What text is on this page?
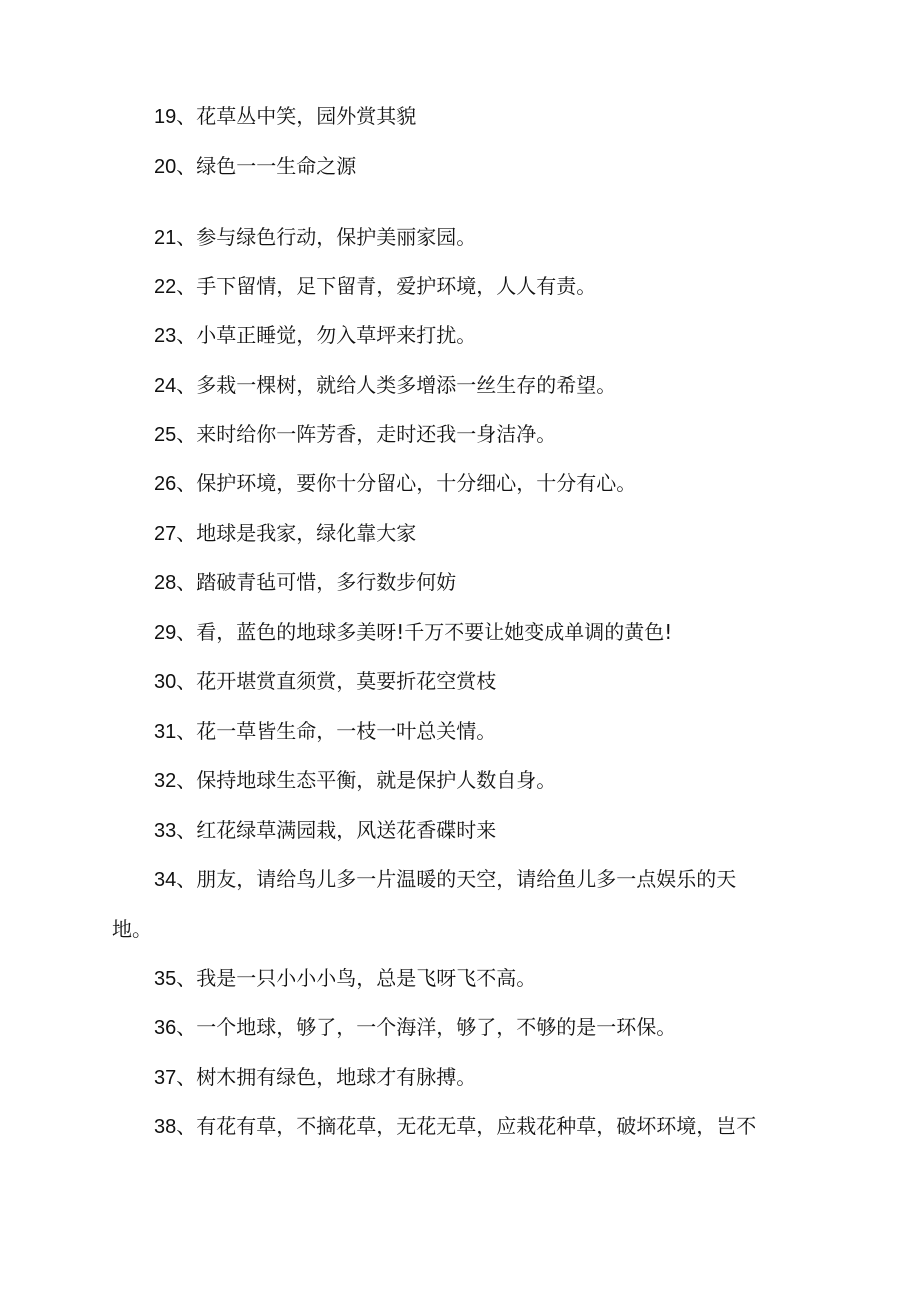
19、花草丛中笑，园外赏其貌
20、绿色一一生命之源
21、参与绿色行动，保护美丽家园。
22、手下留情，足下留青，爱护环境，人人有责。
23、小草正睡觉，勿入草坪来打扰。
24、多栽一棵树，就给人类多增添一丝生存的希望。
25、来时给你一阵芳香，走时还我一身洁净。
26、保护环境，要你十分留心，十分细心，十分有心。
27、地球是我家，绿化靠大家
28、踏破青毡可惜，多行数步何妨
29、看，蓝色的地球多美呀!千万不要让她变成单调的黄色!
30、花开堪赏直须赏，莫要折花空赏枝
31、花一草皆生命，一枝一叶总关情。
32、保持地球生态平衡，就是保护人数自身。
33、红花绿草满园栽，风送花香碟时来
34、朋友，请给鸟儿多一片温暖的天空，请给鱼儿多一点娱乐的天
地。
35、我是一只小小小鸟，总是飞呀飞不高。
36、一个地球，够了，一个海洋，够了，不够的是一环保。
37、树木拥有绿色，地球才有脉搏。
38、有花有草，不摘花草，无花无草，应栽花种草，破坏环境，岂不
